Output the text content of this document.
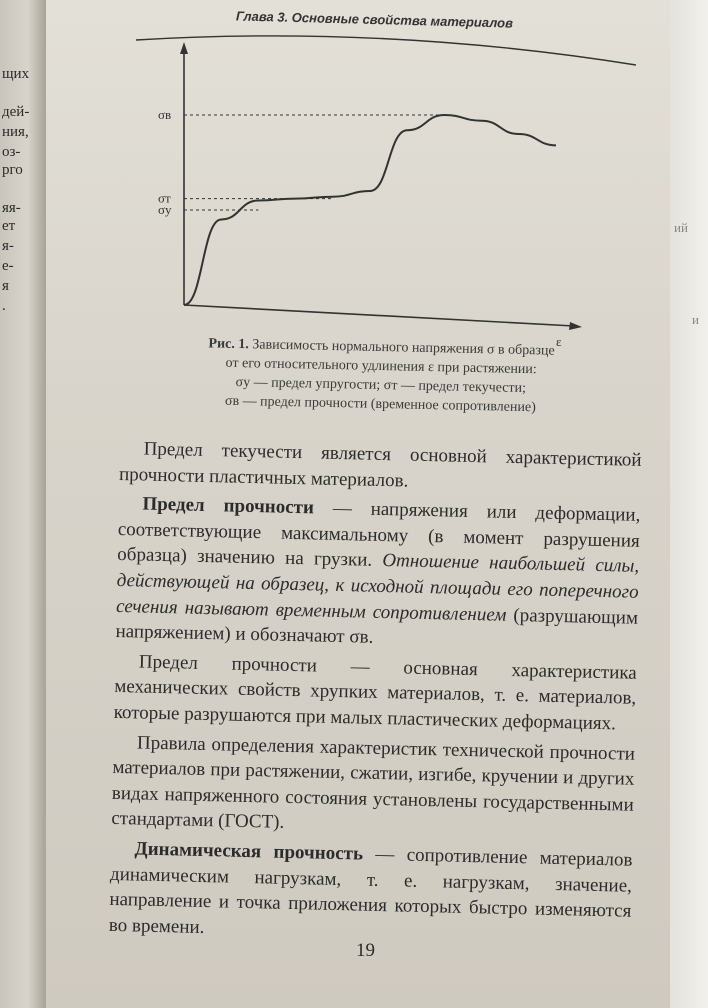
щих
дей-
ния,
оз-
рго
яя-
ет
я-
е-
я
.
ий
и
Глава 3. Основные свойства материалов
σв
σт
σу
ε
Рис. 1. Зависимость нормального напряжения σ в образце
от его относительного удлинения ε при растяжении:
σу — предел упругости; σт — предел текучести;
σв — предел прочности (временное сопротивление)

Предел текучести является основной характеристикой прочности пластичных материалов.

Предел прочности — напряжения или деформации, соответствующие максимальному (в момент разрушения образца) значению на грузки. Отношение наибольшей силы, действующей на образец, к исходной площади его поперечного сечения называют временным сопротивлением (разрушающим напряжением) и обозначают σв.

Предел прочности — основная характеристика механических свойств хрупких материалов, т. е. материалов, которые разрушаются при малых пластических деформациях.

Правила определения характеристик технической прочности материалов при растяжении, сжатии, изгибе, кручении и других видах напряженного состояния установлены государственными стандартами (ГОСТ).

Динамическая прочность — сопротивление материалов динамическим нагрузкам, т. е. нагрузкам, значение, направление и точка приложения которых быстро изменяются во времени.

19
